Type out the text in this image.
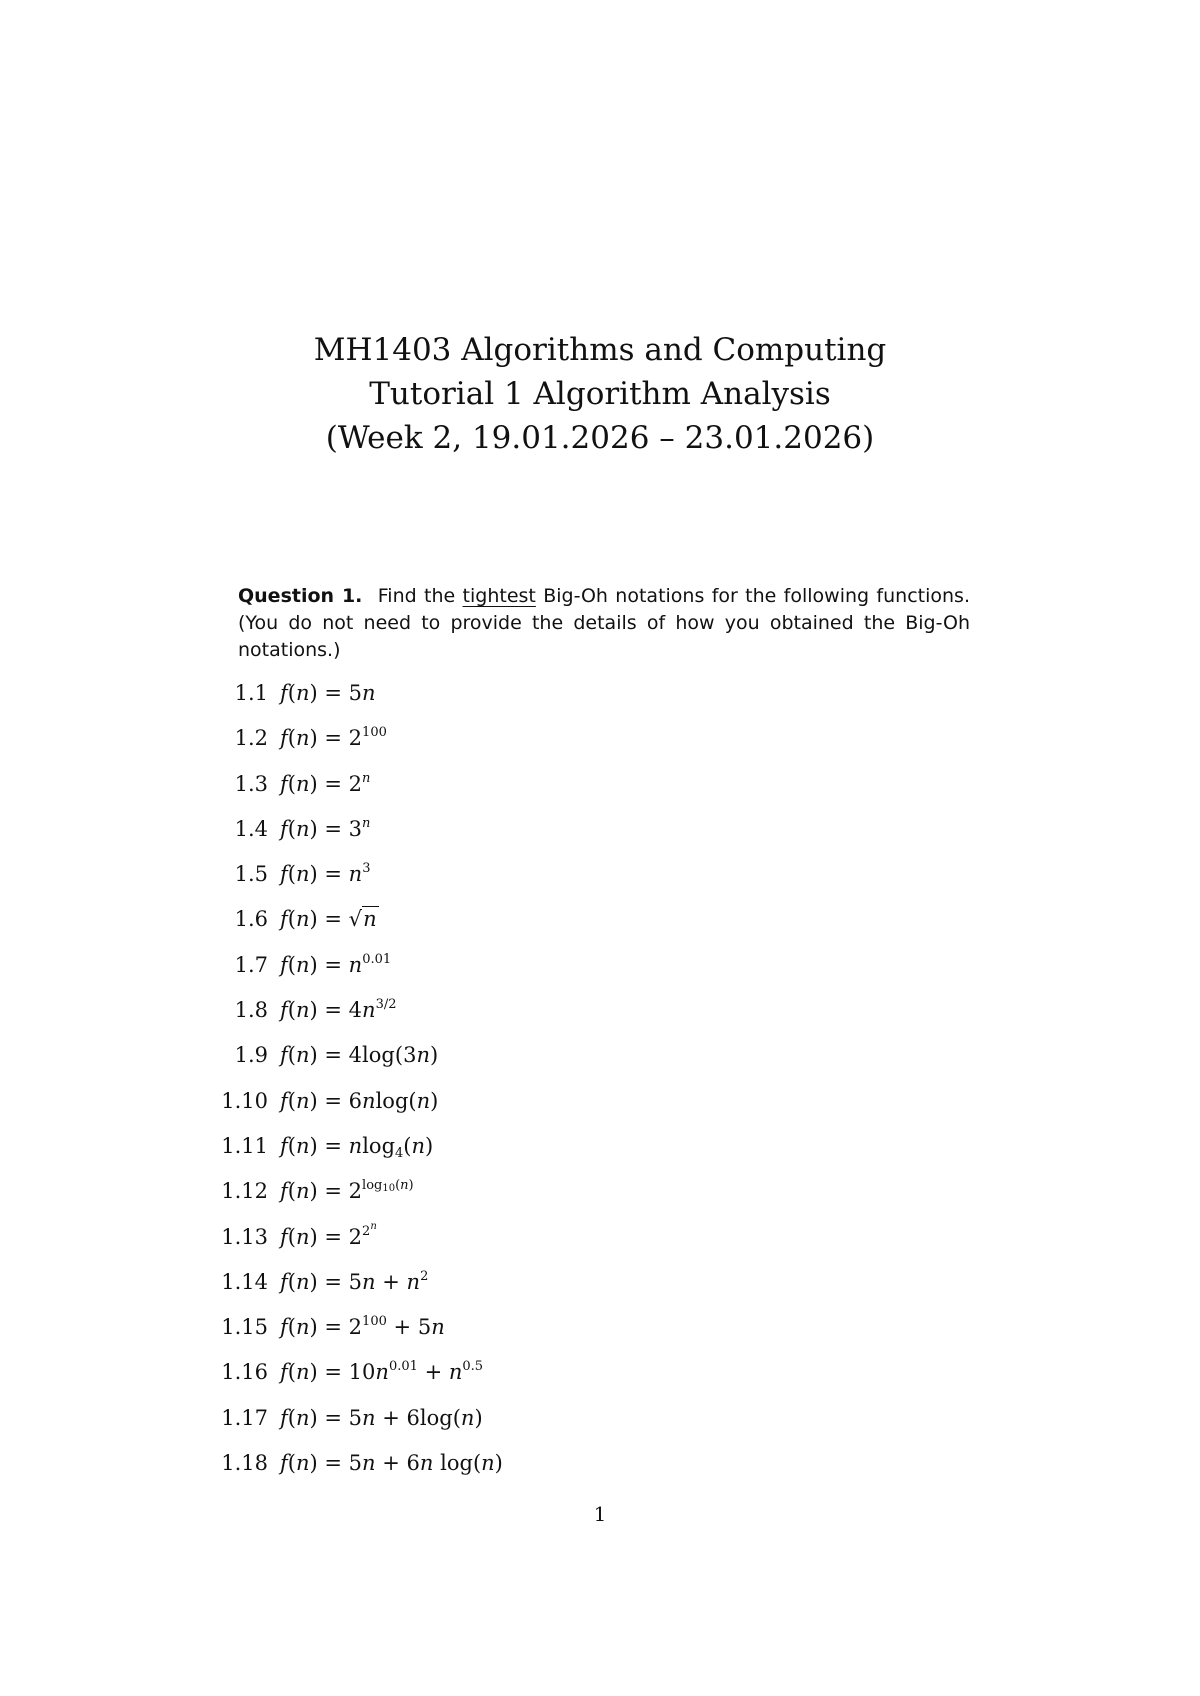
MH1403 Algorithms and Computing
Tutorial 1 Algorithm Analysis
(Week 2, 19.01.2026 – 23.01.2026)
Question 1. Find the tightest Big-Oh notations for the following functions. (You do not need to provide the details of how you obtained the Big-Oh notations.)
1.1 f(n) = 5n
1.2 $f(n) = 2^{100}$
1.3 $f(n) = 2^n$
1.4 $f(n) = 3^n$
1.5 $f(n) = n^3$
1.6 f(n) = √n
1.7 $f(n) = n^{0.01}$
1.8 $f(n) = 4n^{3/2}$
1.9 f(n) = 4log(3n)
1.10 f(n) = 6nlog(n)
1.11 f(n) = nlog$_4$(n)
1.12 $f(n) = 2^{log_{10}(n)}$
1.13 $f(n) = 2^{2^n}$
1.14 $f(n) = 5n + n^2$
1.15 $f(n) = 2^{100} + 5n$
1.16 $f(n) = 10n^{0.01} + n^{0.5}$
1.17 f(n) = 5n + 6log(n)
1.18 f(n) = 5n + 6n log(n)
1
